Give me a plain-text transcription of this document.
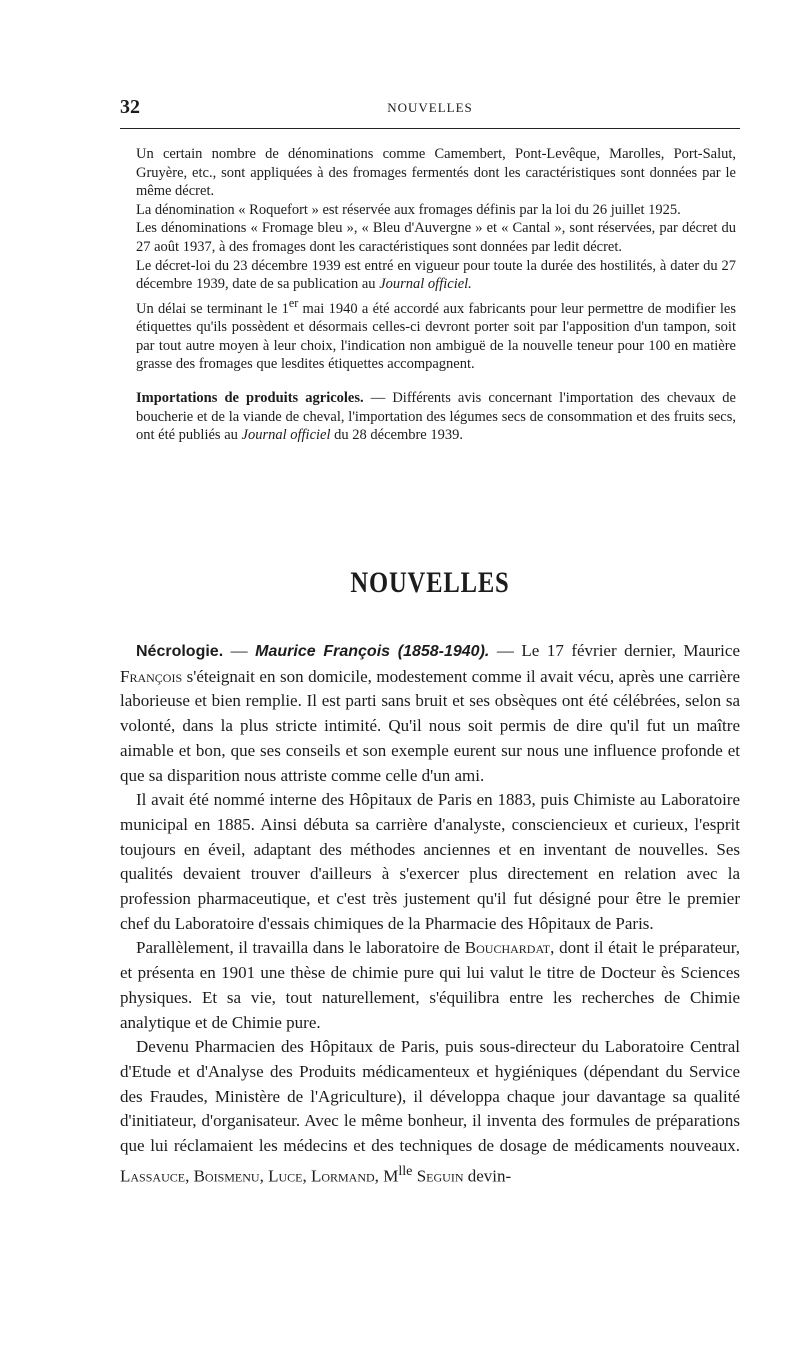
32	NOUVELLES

Un certain nombre de dénominations comme Camembert, Pont-Levêque, Marolles, Port-Salut, Gruyère, etc., sont appliquées à des fromages fermentés dont les caractéristiques sont données par le même décret.

La dénomination « Roquefort » est réservée aux fromages définis par la loi du 26 juillet 1925.

Les dénominations « Fromage bleu », « Bleu d'Auvergne » et « Cantal », sont réservées, par décret du 27 août 1937, à des fromages dont les caractéristiques sont données par ledit décret.

Le décret-loi du 23 décembre 1939 est entré en vigueur pour toute la durée des hostilités, à dater du 27 décembre 1939, date de sa publication au Journal officiel.

Un délai se terminant le 1er mai 1940 a été accordé aux fabricants pour leur permettre de modifier les étiquettes qu'ils possèdent et désormais celles-ci devront porter soit par l'apposition d'un tampon, soit par tout autre moyen à leur choix, l'indication non ambiguë de la nouvelle teneur pour 100 en matière grasse des fromages que lesdites étiquettes accompagnent.

Importations de produits agricoles. — Différents avis concernant l'importation des chevaux de boucherie et de la viande de cheval, l'importation des légumes secs de consommation et des fruits secs, ont été publiés au Journal officiel du 28 décembre 1939.

NOUVELLES

Nécrologie. — Maurice François (1858-1940). — Le 17 février dernier, Maurice François s'éteignait en son domicile, modestement comme il avait vécu, après une carrière laborieuse et bien remplie. Il est parti sans bruit et ses obsèques ont été célébrées, selon sa volonté, dans la plus stricte intimité. Qu'il nous soit permis de dire qu'il fut un maître aimable et bon, que ses conseils et son exemple eurent sur nous une influence profonde et que sa disparition nous attriste comme celle d'un ami.

Il avait été nommé interne des Hôpitaux de Paris en 1883, puis Chimiste au Laboratoire municipal en 1885. Ainsi débuta sa carrière d'analyste, consciencieux et curieux, l'esprit toujours en éveil, adaptant des méthodes anciennes et en inventant de nouvelles. Ses qualités devaient trouver d'ailleurs à s'exercer plus directement en relation avec la profession pharmaceutique, et c'est très justement qu'il fut désigné pour être le premier chef du Laboratoire d'essais chimiques de la Pharmacie des Hôpitaux de Paris.

Parallèlement, il travailla dans le laboratoire de Bouchardat, dont il était le préparateur, et présenta en 1901 une thèse de chimie pure qui lui valut le titre de Docteur ès Sciences physiques. Et sa vie, tout naturellement, s'équilibra entre les recherches de Chimie analytique et de Chimie pure.

Devenu Pharmacien des Hôpitaux de Paris, puis sous-directeur du Laboratoire Central d'Etude et d'Analyse des Produits médicamenteux et hygiéniques (dépendant du Service des Fraudes, Ministère de l'Agriculture), il développa chaque jour davantage sa qualité d'initiateur, d'organisateur. Avec le même bonheur, il inventa des formules de préparations que lui réclamaient les médecins et des techniques de dosage de médicaments nouveaux. Lassauce, Boismenu, Luce, Lormand, $M^{lle}$ Seguin devin-
